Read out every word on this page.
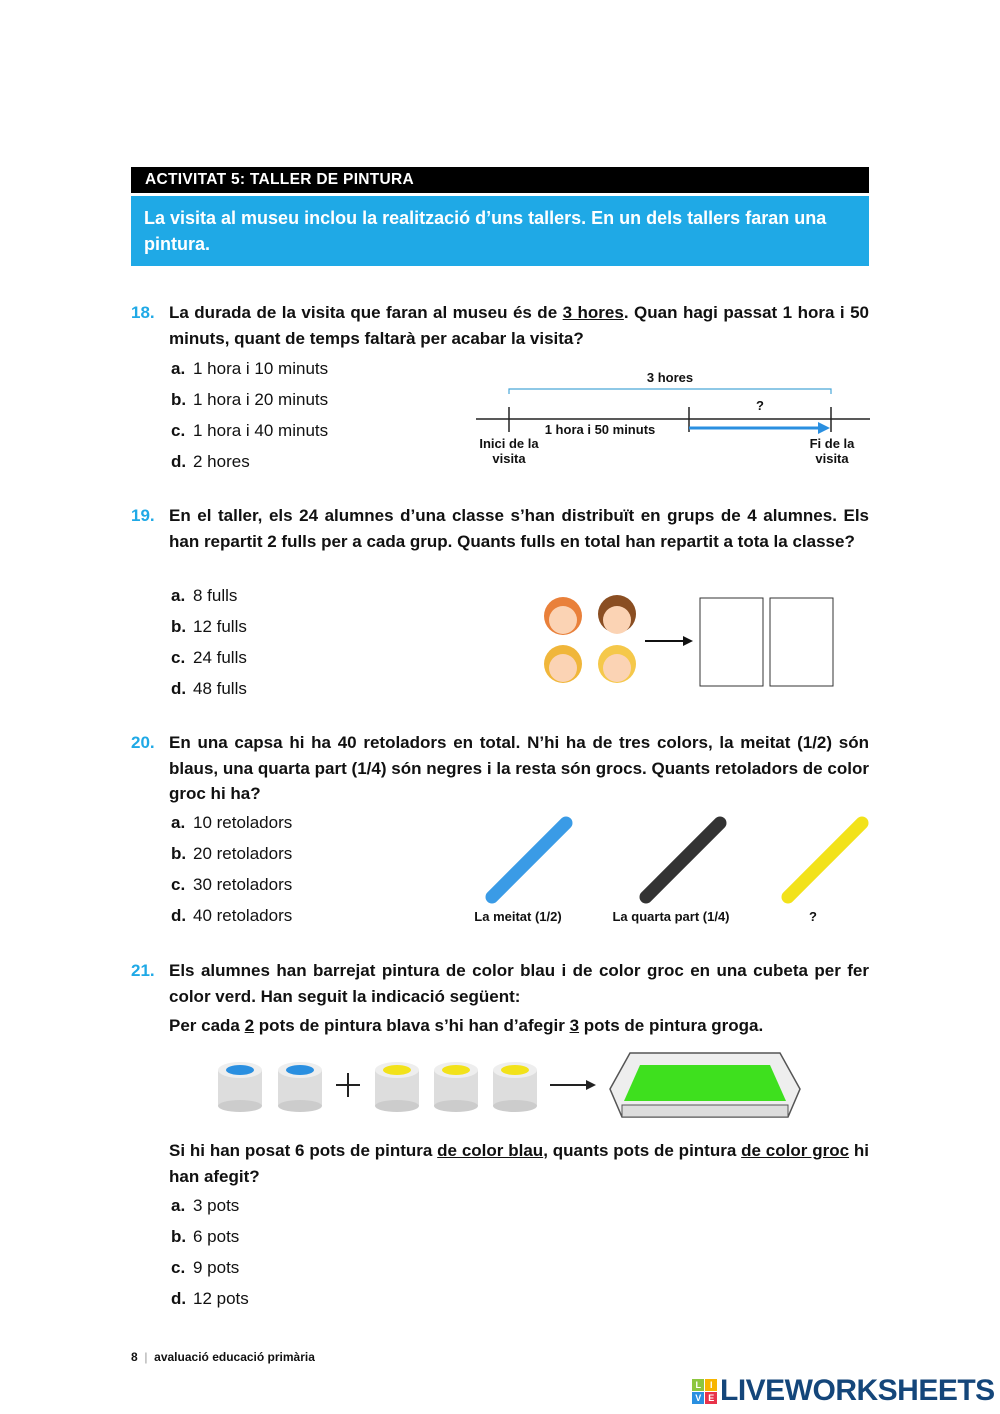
ACTIVITAT 5: TALLER DE PINTURA
La visita al museu inclou la realització d’uns tallers. En un dels tallers faran una pintura.
18. La durada de la visita que faran al museu és de 3 hores. Quan hagi passat 1 hora i 50 minuts, quant de temps faltarà per acabar la visita?
a. 1 hora i 10 minuts
b. 1 hora i 20 minuts
c. 1 hora i 40 minuts
d. 2 hores
3 hores
?
1 hora i 50 minuts
Inici de la visita
Fi de la visita
19. En el taller, els 24 alumnes d’una classe s’han distribuït en grups de 4 alumnes. Els han repartit 2 fulls per a cada grup. Quants fulls en total han repartit a tota la classe?
a. 8 fulls
b. 12 fulls
c. 24 fulls
d. 48 fulls
20. En una capsa hi ha 40 retoladors en total. N’hi ha de tres colors, la meitat (1/2) són blaus, una quarta part (1/4) són negres i la resta són grocs. Quants retoladors de color groc hi ha?
a. 10 retoladors
b. 20 retoladors
c. 30 retoladors
d. 40 retoladors	La meitat (1/2)	La quarta part (1/4)	?
21. Els alumnes han barrejat pintura de color blau i de color groc en una cubeta per fer color verd. Han seguit la indicació següent:
Per cada 2 pots de pintura blava s’hi han d’afegir 3 pots de pintura groga.
Si hi han posat 6 pots de pintura de color blau, quants pots de pintura de color groc hi han afegit?
a. 3 pots
b. 6 pots
c. 9 pots
d. 12 pots
8 | avaluació educació primària
L	I
V E LIVEWORKSHEETS
